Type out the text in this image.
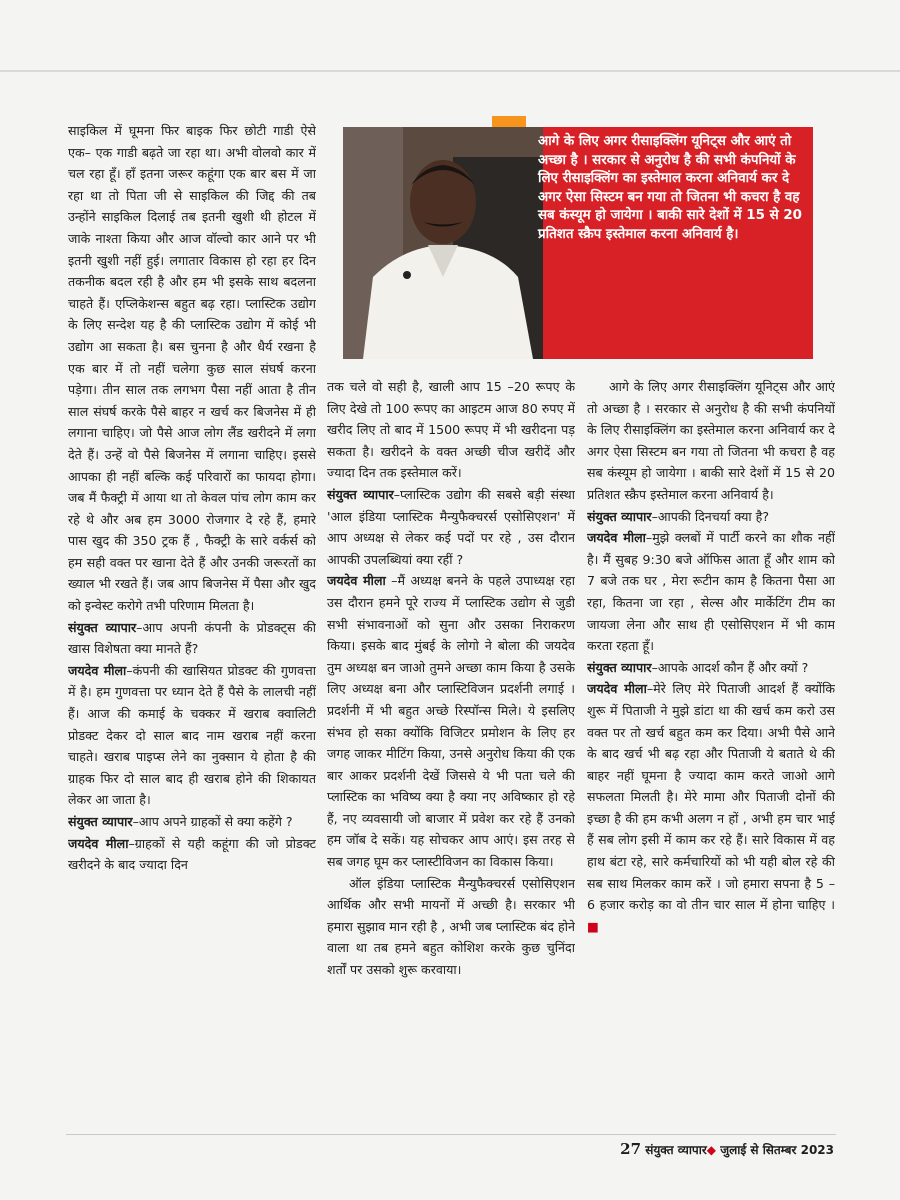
साइकिल में घूमना फिर बाइक फिर छोटी गाडी ऐसे एक– एक गाडी बढ़ते जा रहा था। अभी वोलवो कार में चल रहा हूँ। हाँ इतना जरूर कहूंगा एक बार बस में जा रहा था तो पिता जी से साइकिल की जिद्द की तब उन्होंने साइकिल दिलाई तब इतनी खुशी थी होटल में जाके नाश्ता किया और आज वॉल्वो कार आने पर भी इतनी खुशी नहीं हुई। लगातार विकास हो रहा हर दिन तकनीक बदल रही है और हम भी इसके साथ बदलना चाहते हैं। एप्लिकेशन्स बहुत बढ़ रहा। प्लास्टिक उद्योग के लिए सन्देश यह है की प्लास्टिक उद्योग में कोई भी उद्योग आ सकता है। बस चुनना है और धैर्य रखना है एक बार में तो नहीं चलेगा कुछ साल संघर्ष करना पड़ेगा। तीन साल तक लगभग पैसा नहीं आता है तीन साल संघर्ष करके पैसे बाहर न खर्च कर बिजनेस में ही लगाना चाहिए। जो पैसे आज लोग लैंड खरीदने में लगा देते हैं। उन्हें वो पैसे बिजनेस में लगाना चाहिए। इससे आपका ही नहीं बल्कि कई परिवारों का फायदा होगा। जब मैं फैक्ट्री में आया था तो केवल पांच लोग काम कर रहे थे और अब हम 3000 रोजगार दे रहे हैं, हमारे पास खुद की 350 ट्रक हैं , फैक्ट्री के सारे वर्कर्स को हम सही वक्त पर खाना देते हैं और उनकी जरूरतों का ख्याल भी रखते हैं। जब आप बिजनेस में पैसा और खुद को इन्वेस्ट करोगे तभी परिणाम मिलता है।

संयुक्त व्यापार–आप अपनी कंपनी के प्रोडक्ट्स की खास विशेषता क्या मानते हैं?

जयदेव मीला–कंपनी की खासियत प्रोडक्ट की गुणवत्ता में है। हम गुणवत्ता पर ध्यान देते हैं पैसे के लालची नहीं हैं। आज की कमाई के चक्कर में खराब क्वालिटी प्रोडक्ट देकर दो साल बाद नाम खराब नहीं करना चाहते। खराब पाइप्स लेने का नुक्सान ये होता है की ग्राहक फिर दो साल बाद ही खराब होने की शिकायत लेकर आ जाता है।

संयुक्त व्यापार–आप अपने ग्राहकों से क्या कहेंगे ?

जयदेव मीला–ग्राहकों से यही कहूंगा की जो प्रोडक्ट खरीदने के बाद ज्यादा दिन

आगे के लिए अगर रीसाइक्लिंग यूनिट्स और आएं तो अच्छा है । सरकार से अनुरोध है की सभी कंपनियों के लिए रीसाइक्लिंग का इस्तेमाल करना अनिवार्य कर दे अगर ऐसा सिस्टम बन गया तो जितना भी कचरा है वह सब कंस्यूम हो जायेगा । बाकी सारे देशों में 15 से 20 प्रतिशत स्क्रैप इस्तेमाल करना अनिवार्य है।

तक चले वो सही है, खाली आप 15 –20 रूपए के लिए देखे तो 100 रूपए का आइटम आज 80 रुपए में खरीद लिए तो बाद में 1500 रूपए में भी खरीदना पड़ सकता है। खरीदने के वक्त अच्छी चीज खरीदें और ज्यादा दिन तक इस्तेमाल करें।

संयुक्त व्यापार–प्लास्टिक उद्योग की सबसे बड़ी संस्था 'आल इंडिया प्लास्टिक मैन्युफैक्चरर्स एसोसिएशन' में आप अध्यक्ष से लेकर कई पदों पर रहे , उस दौरान आपकी उपलब्धियां क्या रहीं ?

जयदेव मीला –मैं अध्यक्ष बनने के पहले उपाध्यक्ष रहा उस दौरान हमने पूरे राज्य में प्लास्टिक उद्योग से जुडी सभी संभावनाओं को सुना और उसका निराकरण किया। इसके बाद मुंबई के लोगो ने बोला की जयदेव तुम अध्यक्ष बन जाओ तुमने अच्छा काम किया है उसके लिए अध्यक्ष बना और प्लास्टिविजन प्रदर्शनी लगाई । प्रदर्शनी में भी बहुत अच्छे रिस्पॉन्स मिले। ये इसलिए संभव हो सका क्योंकि विजिटर प्रमोशन के लिए हर जगह जाकर मीटिंग किया, उनसे अनुरोध किया की एक बार आकर प्रदर्शनी देखें जिससे ये भी पता चले की प्लास्टिक का भविष्य क्या है क्या नए अविष्कार हो रहे हैं, नए व्यवसायी जो बाजार में प्रवेश कर रहे हैं उनको हम जॉब दे सकें। यह सोचकर आप आएं। इस तरह से सब जगह घूम कर प्लास्टीविजन का विकास किया।

ऑल इंडिया प्लास्टिक मैन्युफैक्चरर्स एसोसिएशन आर्थिक और सभी मायनों में अच्छी है। सरकार भी हमारा सुझाव मान रही है , अभी जब प्लास्टिक बंद होने वाला था तब हमने बहुत कोशिश करके कुछ चुनिंदा शर्तों पर उसको शुरू करवाया।

आगे के लिए अगर रीसाइक्लिंग यूनिट्स और आएं तो अच्छा है । सरकार से अनुरोध है की सभी कंपनियों के लिए रीसाइक्लिंग का इस्तेमाल करना अनिवार्य कर दे अगर ऐसा सिस्टम बन गया तो जितना भी कचरा है वह सब कंस्यूम हो जायेगा । बाकी सारे देशों में 15 से 20 प्रतिशत स्क्रैप इस्तेमाल करना अनिवार्य है।

संयुक्त व्यापार–आपकी दिनचर्या क्या है?

जयदेव मीला–मुझे क्लबों में पार्टी करने का शौक नहीं है। मैं सुबह 9:30 बजे ऑफिस आता हूँ और शाम को 7 बजे तक घर , मेरा रूटीन काम है कितना पैसा आ रहा, कितना जा रहा , सेल्स और मार्केटिंग टीम का जायजा लेना और साथ ही एसोसिएशन में भी काम करता रहता हूँ।

संयुक्त व्यापार–आपके आदर्श कौन हैं और क्यों ?

जयदेव मीला–मेरे लिए मेरे पिताजी आदर्श हैं क्योंकि शुरू में पिताजी ने मुझे डांटा था की खर्च कम करो उस वक्त पर तो खर्च बहुत कम कर दिया। अभी पैसे आने के बाद खर्च भी बढ़ रहा और पिताजी ये बताते थे की बाहर नहीं घूमना है ज्यादा काम करते जाओ आगे सफलता मिलती है। मेरे मामा और पिताजी दोनों की इच्छा है की हम कभी अलग न हों , अभी हम चार भाई हैं सब लोग इसी में काम कर रहे हैं। सारे विकास में वह हाथ बंटा रहे, सारे कर्मचारियों को भी यही बोल रहे की सब साथ मिलकर काम करें । जो हमारा सपना है 5 – 6 हजार करोड़ का वो तीन चार साल में होना चाहिए ।■

27 संयुक्त व्यापार◆ जुलाई से सितम्बर 2023
